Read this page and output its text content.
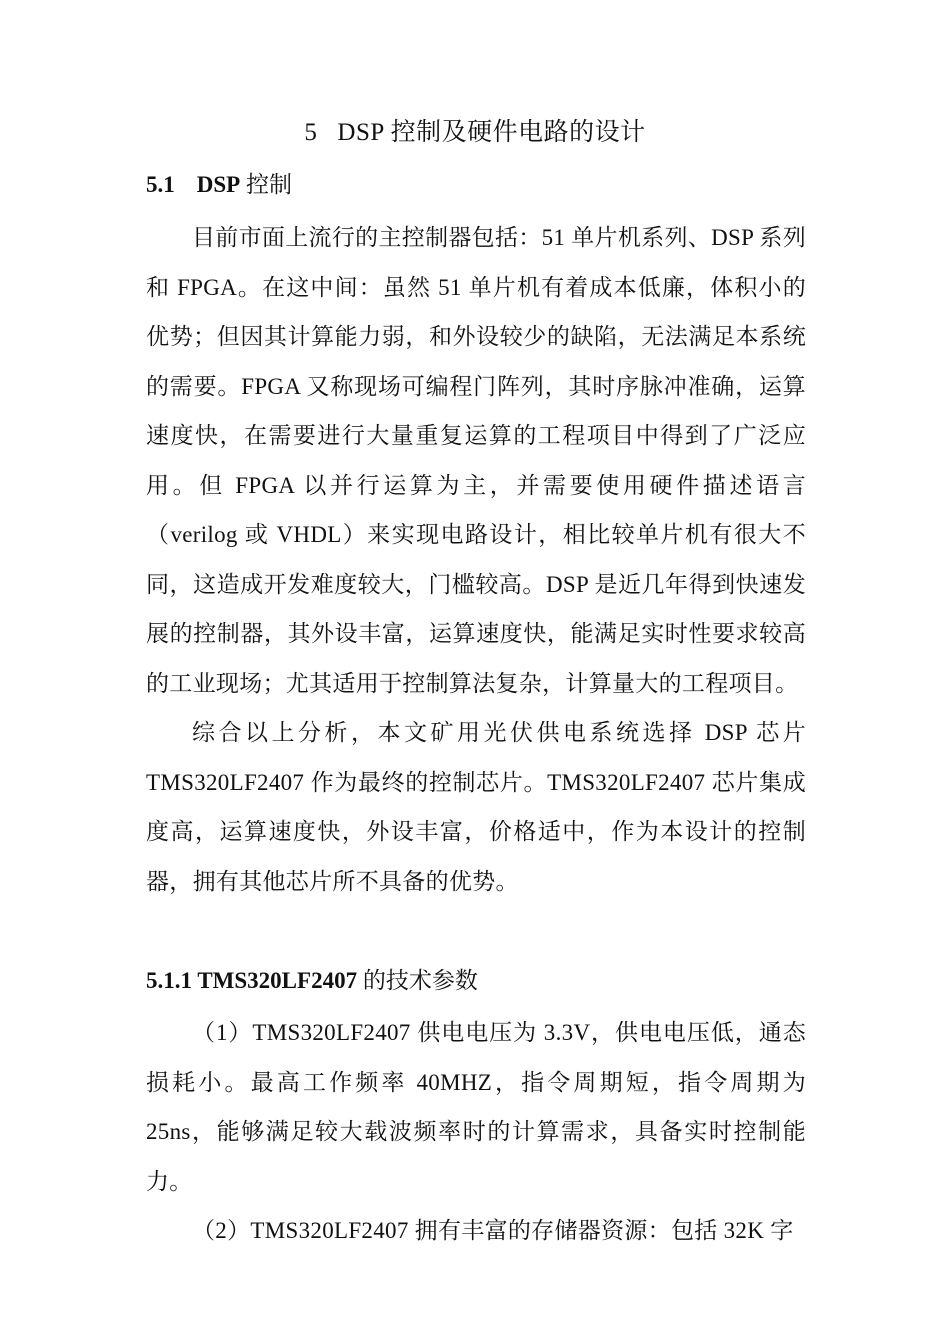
5 DSP 控制及硬件电路的设计
5.1 DSP 控制

目前市面上流行的主控制器包括：51 单片机系列、DSP 系列和 FPGA。在这中间：虽然 51 单片机有着成本低廉，体积小的优势；但因其计算能力弱，和外设较少的缺陷，无法满足本系统的需要。FPGA 又称现场可编程门阵列，其时序脉冲准确，运算速度快，在需要进行大量重复运算的工程项目中得到了广泛应用。但 FPGA 以并行运算为主，并需要使用硬件描述语言（verilog 或 VHDL）来实现电路设计，相比较单片机有很大不同，这造成开发难度较大，门槛较高。DSP 是近几年得到快速发展的控制器，其外设丰富，运算速度快，能满足实时性要求较高的工业现场；尤其适用于控制算法复杂，计算量大的工程项目。

综合以上分析，本文矿用光伏供电系统选择 DSP 芯片 TMS320LF2407 作为最终的控制芯片。TMS320LF2407 芯片集成度高，运算速度快，外设丰富，价格适中，作为本设计的控制器，拥有其他芯片所不具备的优势。

5.1.1 TMS320LF2407 的技术参数

（1）TMS320LF2407 供电电压为 3.3V，供电电压低，通态损耗小。最高工作频率 40MHZ，指令周期短，指令周期为 25ns，能够满足较大载波频率时的计算需求，具备实时控制能力。

（2）TMS320LF2407 拥有丰富的存储器资源：包括 32K 字
